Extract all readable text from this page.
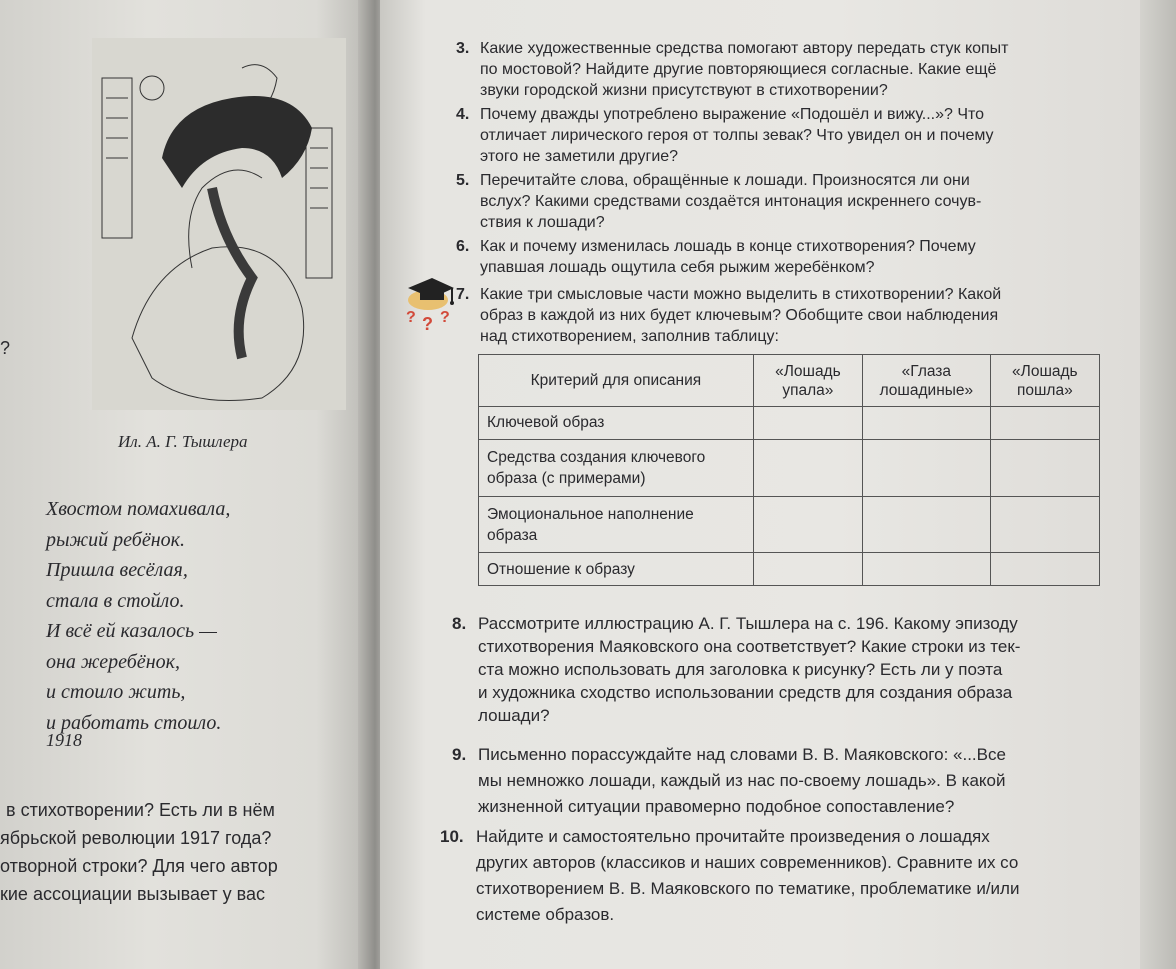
?
Ил. А. Г. Тышлера
Хвостом помахивала,
рыжий ребёнок.
Пришла весёлая,
стала в стойло.
И всё ей казалось —
она жеребёнок,
и стоило жить,
и работать стоило.
1918
в стихотворении? Есть ли в нём
ябрьской революции 1917 года?
отворной строки? Для чего автор
кие ассоциации вызывает у вас
3. Какие художественные средства помогают автору передать стук копыт
по мостовой? Найдите другие повторяющиеся согласные. Какие ещё
звуки городской жизни присутствуют в стихотворении?
4. Почему дважды употреблено выражение «Подошёл и вижу...»? Что
отличает лирического героя от толпы зевак? Что увидел он и почему
этого не заметили другие?
5. Перечитайте слова, обращённые к лошади. Произносятся ли они
вслух? Какими средствами создаётся интонация искреннего сочув-
ствия к лошади?
6. Как и почему изменилась лошадь в конце стихотворения? Почему
упавшая лошадь ощутила себя рыжим жеребёнком?
? ? ?
7. Какие три смысловые части можно выделить в стихотворении? Какой
образ в каждой из них будет ключевым? Обобщите свои наблюдения
над стихотворением, заполнив таблицу:
Критерий для описания	«Лошадь упала»	«Глаза лошадиные»	«Лошадь пошла»
Ключевой образ			
Средства создания ключевого образа (с примерами)			
Эмоциональное наполнение образа			
Отношение к образу			
8. Рассмотрите иллюстрацию А. Г. Тышлера на с. 196. Какому эпизоду
стихотворения Маяковского она соответствует? Какие строки из тек-
ста можно использовать для заголовка к рисунку? Есть ли у поэта
и художника сходство использовании средств для создания образа
лошади?
9. Письменно порассуждайте над словами В. В. Маяковского: «...Все
мы немножко лошади, каждый из нас по-своему лошадь». В какой
жизненной ситуации правомерно подобное сопоставление?
10. Найдите и самостоятельно прочитайте произведения о лошадях
других авторов (классиков и наших современников). Сравните их со
стихотворением В. В. Маяковского по тематике, проблематике и/или
системе образов.
